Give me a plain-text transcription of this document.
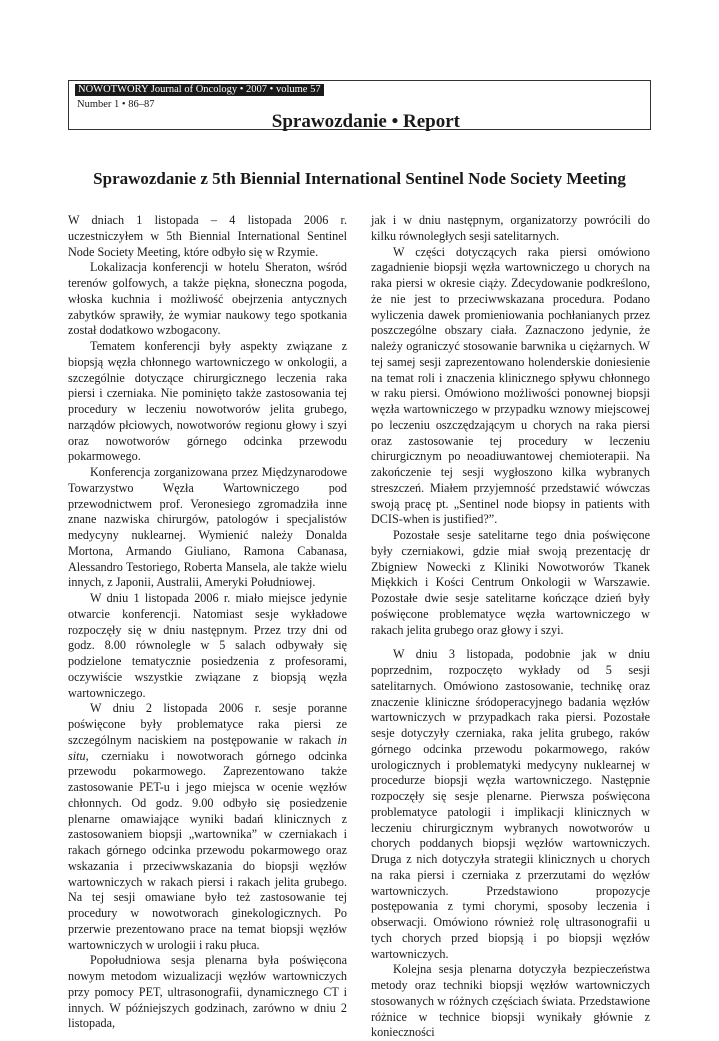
NOWOTWORY Journal of Oncology • 2007 • volume 57
Number 1 • 86–87
Sprawozdanie • Report
Sprawozdanie z 5th Biennial International Sentinel Node Society Meeting

W dniach 1 listopada – 4 listopada 2006 r. uczestniczyłem w 5th Biennial International Sentinel Node Society Meeting, które odbyło się w Rzymie.

Lokalizacja konferencji w hotelu Sheraton, wśród terenów golfowych, a także piękna, słoneczna pogoda, włoska kuchnia i możliwość obejrzenia antycznych zabytków sprawiły, że wymiar naukowy tego spotkania został dodatkowo wzbogacony.

Tematem konferencji były aspekty związane z biopsją węzła chłonnego wartowniczego w onkologii, a szczególnie dotyczące chirurgicznego leczenia raka piersi i czerniaka. Nie pominięto także zastosowania tej procedury w leczeniu nowotworów jelita grubego, narządów płciowych, nowotworów regionu głowy i szyi oraz nowotworów górnego odcinka przewodu pokarmowego.

Konferencja zorganizowana przez Międzynarodowe Towarzystwo Węzła Wartowniczego pod przewodnictwem prof. Veronesiego zgromadziła inne znane nazwiska chirurgów, patologów i specjalistów medycyny nuklearnej. Wymienić należy Donalda Mortona, Armando Giuliano, Ramona Cabanasa, Alessandro Testoriego, Roberta Mansela, ale także wielu innych, z Japonii, Australii, Ameryki Południowej.

W dniu 1 listopada 2006 r. miało miejsce jedynie otwarcie konferencji. Natomiast sesje wykładowe rozpoczęły się w dniu następnym. Przez trzy dni od godz. 8.00 równolegle w 5 salach odbywały się podzielone tematycznie posiedzenia z profesorami, oczywiście wszystkie związane z biopsją węzła wartowniczego.

W dniu 2 listopada 2006 r. sesje poranne poświęcone były problematyce raka piersi ze szczególnym naciskiem na postępowanie w rakach in situ, czerniaku i nowotworach górnego odcinka przewodu pokarmowego. Zaprezentowano także zastosowanie PET-u i jego miejsca w ocenie węzłów chłonnych. Od godz. 9.00 odbyło się posiedzenie plenarne omawiające wyniki badań klinicznych z zastosowaniem biopsji „wartownika” w czerniakach i rakach górnego odcinka przewodu pokarmowego oraz wskazania i przeciwwskazania do biopsji węzłów wartowniczych w rakach piersi i rakach jelita grubego. Na tej sesji omawiane było też zastosowanie tej procedury w nowotworach ginekologicznych. Po przerwie prezentowano prace na temat biopsji węzłów wartowniczych w urologii i raku płuca.

Popołudniowa sesja plenarna była poświęcona nowym metodom wizualizacji węzłów wartowniczych przy pomocy PET, ultrasonografii, dynamicznego CT i innych. W późniejszych godzinach, zarówno w dniu 2 listopada,

jak i w dniu następnym, organizatorzy powrócili do kilku równoległych sesji satelitarnych.

W części dotyczących raka piersi omówiono zagadnienie biopsji węzła wartowniczego u chorych na raka piersi w okresie ciąży. Zdecydowanie podkreślono, że nie jest to przeciwwskazana procedura. Podano wyliczenia dawek promieniowania pochłanianych przez poszczególne obszary ciała. Zaznaczono jedynie, że należy ograniczyć stosowanie barwnika u ciężarnych. W tej samej sesji zaprezentowano holenderskie doniesienie na temat roli i znaczenia klinicznego spływu chłonnego w raku piersi. Omówiono możliwości ponownej biopsji węzła wartowniczego w przypadku wznowy miejscowej po leczeniu oszczędzającym u chorych na raka piersi oraz zastosowanie tej procedury w leczeniu chirurgicznym po neoadiuwantowej chemioterapii. Na zakończenie tej sesji wygłoszono kilka wybranych streszczeń. Miałem przyjemność przedstawić wówczas swoją pracę pt. „Sentinel node biopsy in patients with DCIS-when is justified?”.

Pozostałe sesje satelitarne tego dnia poświęcone były czerniakowi, gdzie miał swoją prezentację dr Zbigniew Nowecki z Kliniki Nowotworów Tkanek Miękkich i Kości Centrum Onkologii w Warszawie. Pozostałe dwie sesje satelitarne kończące dzień były poświęcone problematyce węzła wartowniczego w rakach jelita grubego oraz głowy i szyi.

W dniu 3 listopada, podobnie jak w dniu poprzednim, rozpoczęto wykłady od 5 sesji satelitarnych. Omówiono zastosowanie, technikę oraz znaczenie kliniczne śródoperacyjnego badania węzłów wartowniczych w przypadkach raka piersi. Pozostałe sesje dotyczyły czerniaka, raka jelita grubego, raków górnego odcinka przewodu pokarmowego, raków urologicznych i problematyki medycyny nuklearnej w procedurze biopsji węzła wartowniczego. Następnie rozpoczęły się sesje plenarne. Pierwsza poświęcona problematyce patologii i implikacji klinicznych w leczeniu chirurgicznym wybranych nowotworów u chorych poddanych biopsji węzłów wartowniczych. Druga z nich dotyczyła strategii klinicznych u chorych na raka piersi i czerniaka z przerzutami do węzłów wartowniczych. Przedstawiono propozycje postępowania z tymi chorymi, sposoby leczenia i obserwacji. Omówiono również rolę ultrasonografii u tych chorych przed biopsją i po biopsji węzłów wartowniczych.

Kolejna sesja plenarna dotyczyła bezpieczeństwa metody oraz techniki biopsji węzłów wartowniczych stosowanych w różnych częściach świata. Przedstawione różnice w technice biopsji wynikały głównie z konieczności
